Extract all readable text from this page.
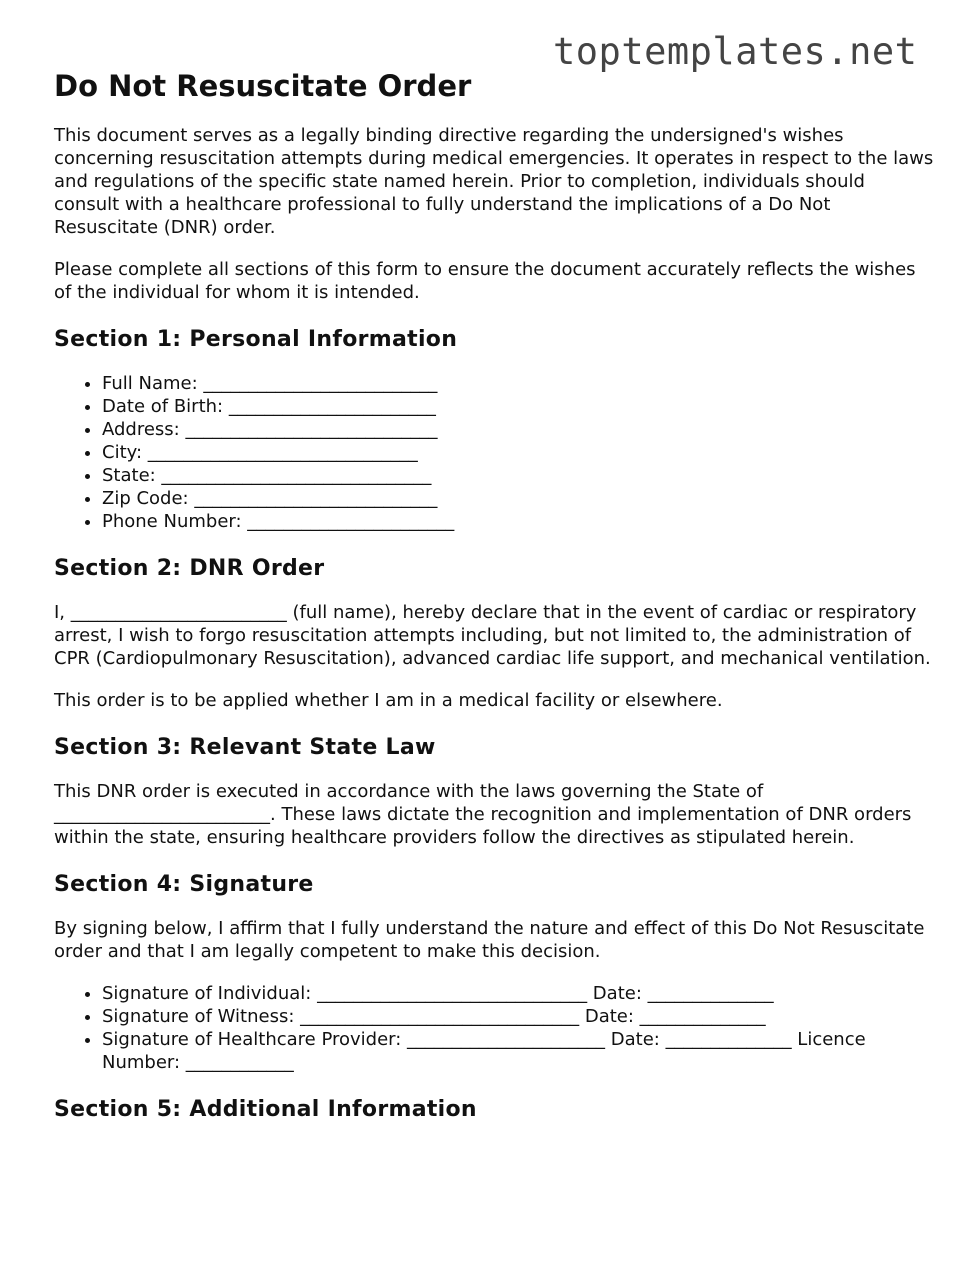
toptemplates.net
Do Not Resuscitate Order

This document serves as a legally binding directive regarding the undersigned's wishes concerning resuscitation attempts during medical emergencies. It operates in respect to the laws and regulations of the specific state named herein. Prior to completion, individuals should consult with a healthcare professional to fully understand the implications of a Do Not Resuscitate (DNR) order.

Please complete all sections of this form to ensure the document accurately reflects the wishes of the individual for whom it is intended.

Section 1: Personal Information
• Full Name: __________________________
• Date of Birth: _______________________
• Address: ____________________________
• City: ______________________________
• State: ______________________________
• Zip Code: ___________________________
• Phone Number: _______________________
Section 2: DNR Order

I, ________________________ (full name), hereby declare that in the event of cardiac or respiratory arrest, I wish to forgo resuscitation attempts including, but not limited to, the administration of CPR (Cardiopulmonary Resuscitation), advanced cardiac life support, and mechanical ventilation.

This order is to be applied whether I am in a medical facility or elsewhere.

Section 3: Relevant State Law

This DNR order is executed in accordance with the laws governing the State of ________________________. These laws dictate the recognition and implementation of DNR orders within the state, ensuring healthcare providers follow the directives as stipulated herein.

Section 4: Signature

By signing below, I affirm that I fully understand the nature and effect of this Do Not Resuscitate order and that I am legally competent to make this decision.

• Signature of Individual: ______________________________ Date: ______________
• Signature of Witness: _______________________________ Date: ______________
• Signature of Healthcare Provider: ______________________ Date: ______________ Licence Number: ____________
Section 5: Additional Information
